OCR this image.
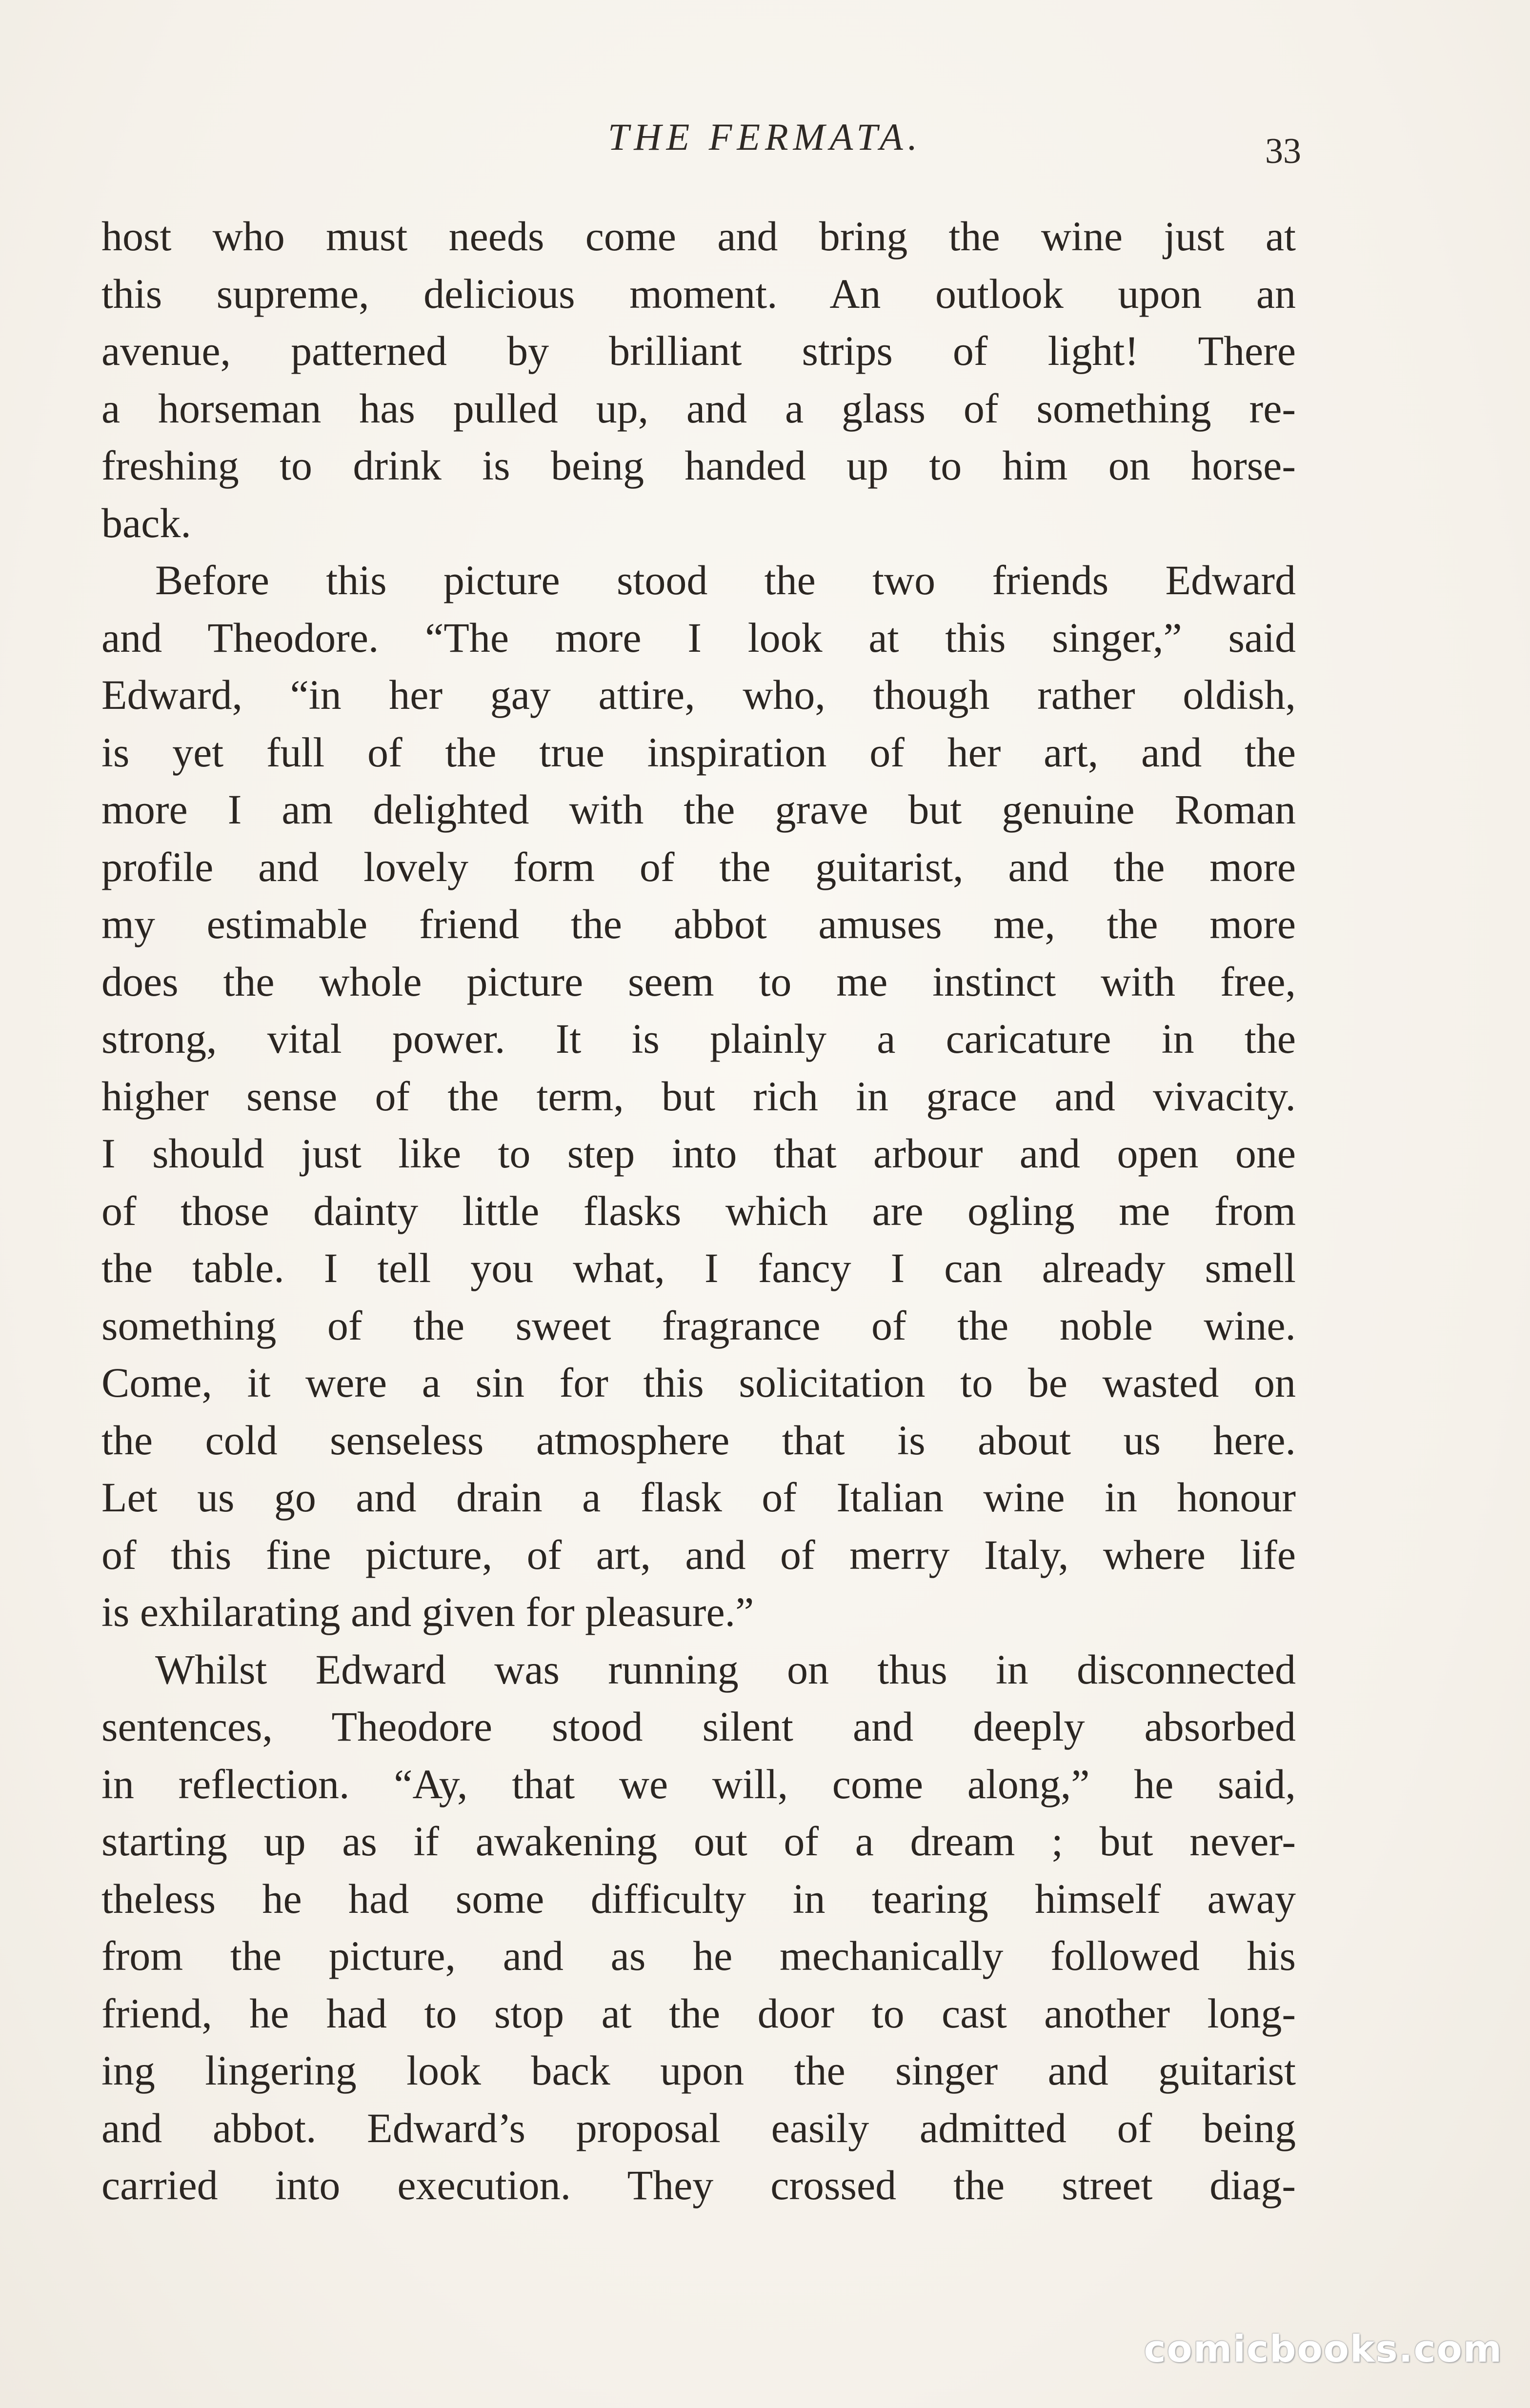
THE FERMATA.	33
host who must needs come and bring the wine just at
this supreme, delicious moment. An outlook upon an
avenue, patterned by brilliant strips of light! There
a horseman has pulled up, and a glass of something re-
freshing to drink is being handed up to him on horse-
back.
Before this picture stood the two friends Edward
and Theodore. “The more I look at this singer,” said
Edward, “in her gay attire, who, though rather oldish,
is yet full of the true inspiration of her art, and the
more I am delighted with the grave but genuine Roman
profile and lovely form of the guitarist, and the more
my estimable friend the abbot amuses me, the more
does the whole picture seem to me instinct with free,
strong, vital power. It is plainly a caricature in the
higher sense of the term, but rich in grace and vivacity.
I should just like to step into that arbour and open one
of those dainty little flasks which are ogling me from
the table. I tell you what, I fancy I can already smell
something of the sweet fragrance of the noble wine.
Come, it were a sin for this solicitation to be wasted on
the cold senseless atmosphere that is about us here.
Let us go and drain a flask of Italian wine in honour
of this fine picture, of art, and of merry Italy, where life
is exhilarating and given for pleasure.”
Whilst Edward was running on thus in disconnected
sentences, Theodore stood silent and deeply absorbed
in reflection. “Ay, that we will, come along,” he said,
starting up as if awakening out of a dream ; but never-
theless he had some difficulty in tearing himself away
from the picture, and as he mechanically followed his
friend, he had to stop at the door to cast another long-
ing lingering look back upon the singer and guitarist
and abbot. Edward’s proposal easily admitted of being
carried into execution. They crossed the street diag-
comicbooks.com
